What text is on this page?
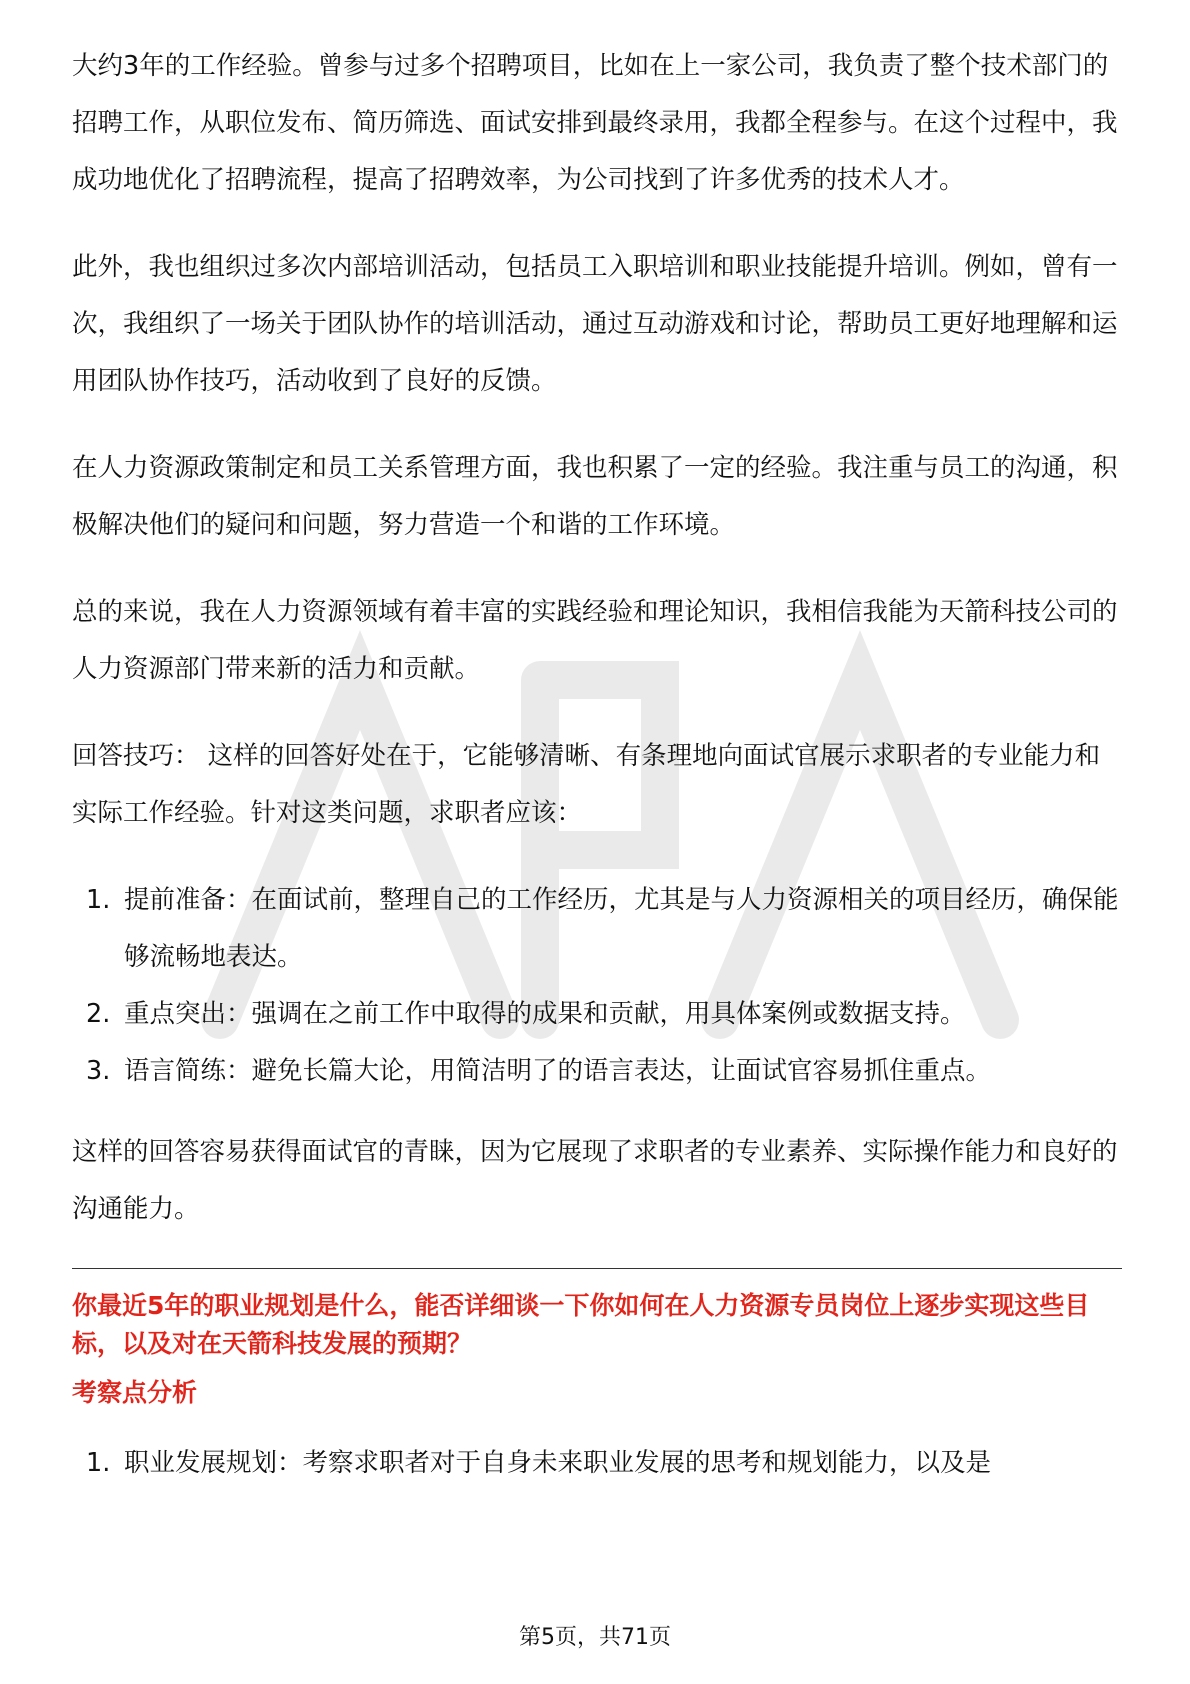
大约3年的工作经验。曾参与过多个招聘项目，比如在上一家公司，我负责了整个技术部门的招聘工作，从职位发布、简历筛选、面试安排到最终录用，我都全程参与。在这个过程中，我成功地优化了招聘流程，提高了招聘效率，为公司找到了许多优秀的技术人才。

此外，我也组织过多次内部培训活动，包括员工入职培训和职业技能提升培训。例如，曾有一次，我组织了一场关于团队协作的培训活动，通过互动游戏和讨论，帮助员工更好地理解和运用团队协作技巧，活动收到了良好的反馈。

在人力资源政策制定和员工关系管理方面，我也积累了一定的经验。我注重与员工的沟通，积极解决他们的疑问和问题，努力营造一个和谐的工作环境。

总的来说，我在人力资源领域有着丰富的实践经验和理论知识，我相信我能为天箭科技公司的人力资源部门带来新的活力和贡献。

回答技巧： 这样的回答好处在于，它能够清晰、有条理地向面试官展示求职者的专业能力和实际工作经验。针对这类问题，求职者应该：

1. 提前准备：在面试前，整理自己的工作经历，尤其是与人力资源相关的项目经历，确保能够流畅地表达。
2. 重点突出：强调在之前工作中取得的成果和贡献，用具体案例或数据支持。
3. 语言简练：避免长篇大论，用简洁明了的语言表达，让面试官容易抓住重点。

这样的回答容易获得面试官的青睐，因为它展现了求职者的专业素养、实际操作能力和良好的沟通能力。

你最近5年的职业规划是什么，能否详细谈一下你如何在人力资源专员岗位上逐步实现这些目标，以及对在天箭科技发展的预期？
考察点分析
1. 职业发展规划：考察求职者对于自身未来职业发展的思考和规划能力，以及是
第5页，共71页
